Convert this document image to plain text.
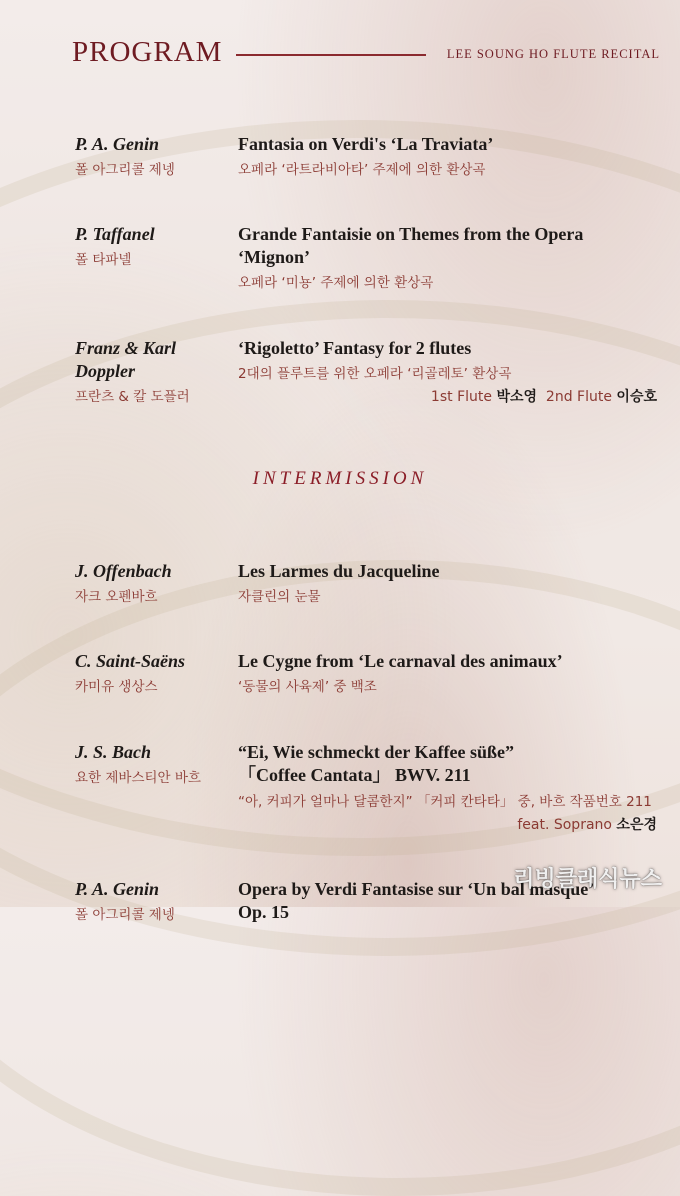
PROGRAM	LEE SOUNG HO FLUTE RECITAL
P. A. Genin
폴 아그리콜 제넹
Fantasia on Verdi's ‘La Traviata’
오페라 ‘라트라비아타’ 주제에 의한 환상곡
P. Taffanel
폴 타파넬
Grande Fantaisie on Themes from the Opera ‘Mignon’
오페라 ‘미뇽’ 주제에 의한 환상곡
Franz & Karl Doppler
프란츠 & 칼 도플러
‘Rigoletto’ Fantasy for 2 flutes
2대의 플루트를 위한 오페라 ‘리골레토’ 환상곡
1st Flute 박소영 2nd Flute 이승호
INTERMISSION
J. Offenbach
자크 오펜바흐
Les Larmes du Jacqueline
자클린의 눈물
C. Saint-Saëns
카미유 생상스
Le Cygne from ‘Le carnaval des animaux’
‘동물의 사육제’ 중 백조
J. S. Bach
요한 제바스티안 바흐
“Ei, Wie schmeckt der Kaffee süße”
「Coffee Cantata」 BWV. 211
“아, 커피가 얼마나 달콤한지” 「커피 칸타타」 중, 바흐 작품번호 211
feat. Soprano 소은경
P. A. Genin
폴 아그리콜 제넹
Opera by Verdi Fantasise sur ‘Un bal masque’
Op. 15
리빙클래식뉴스
